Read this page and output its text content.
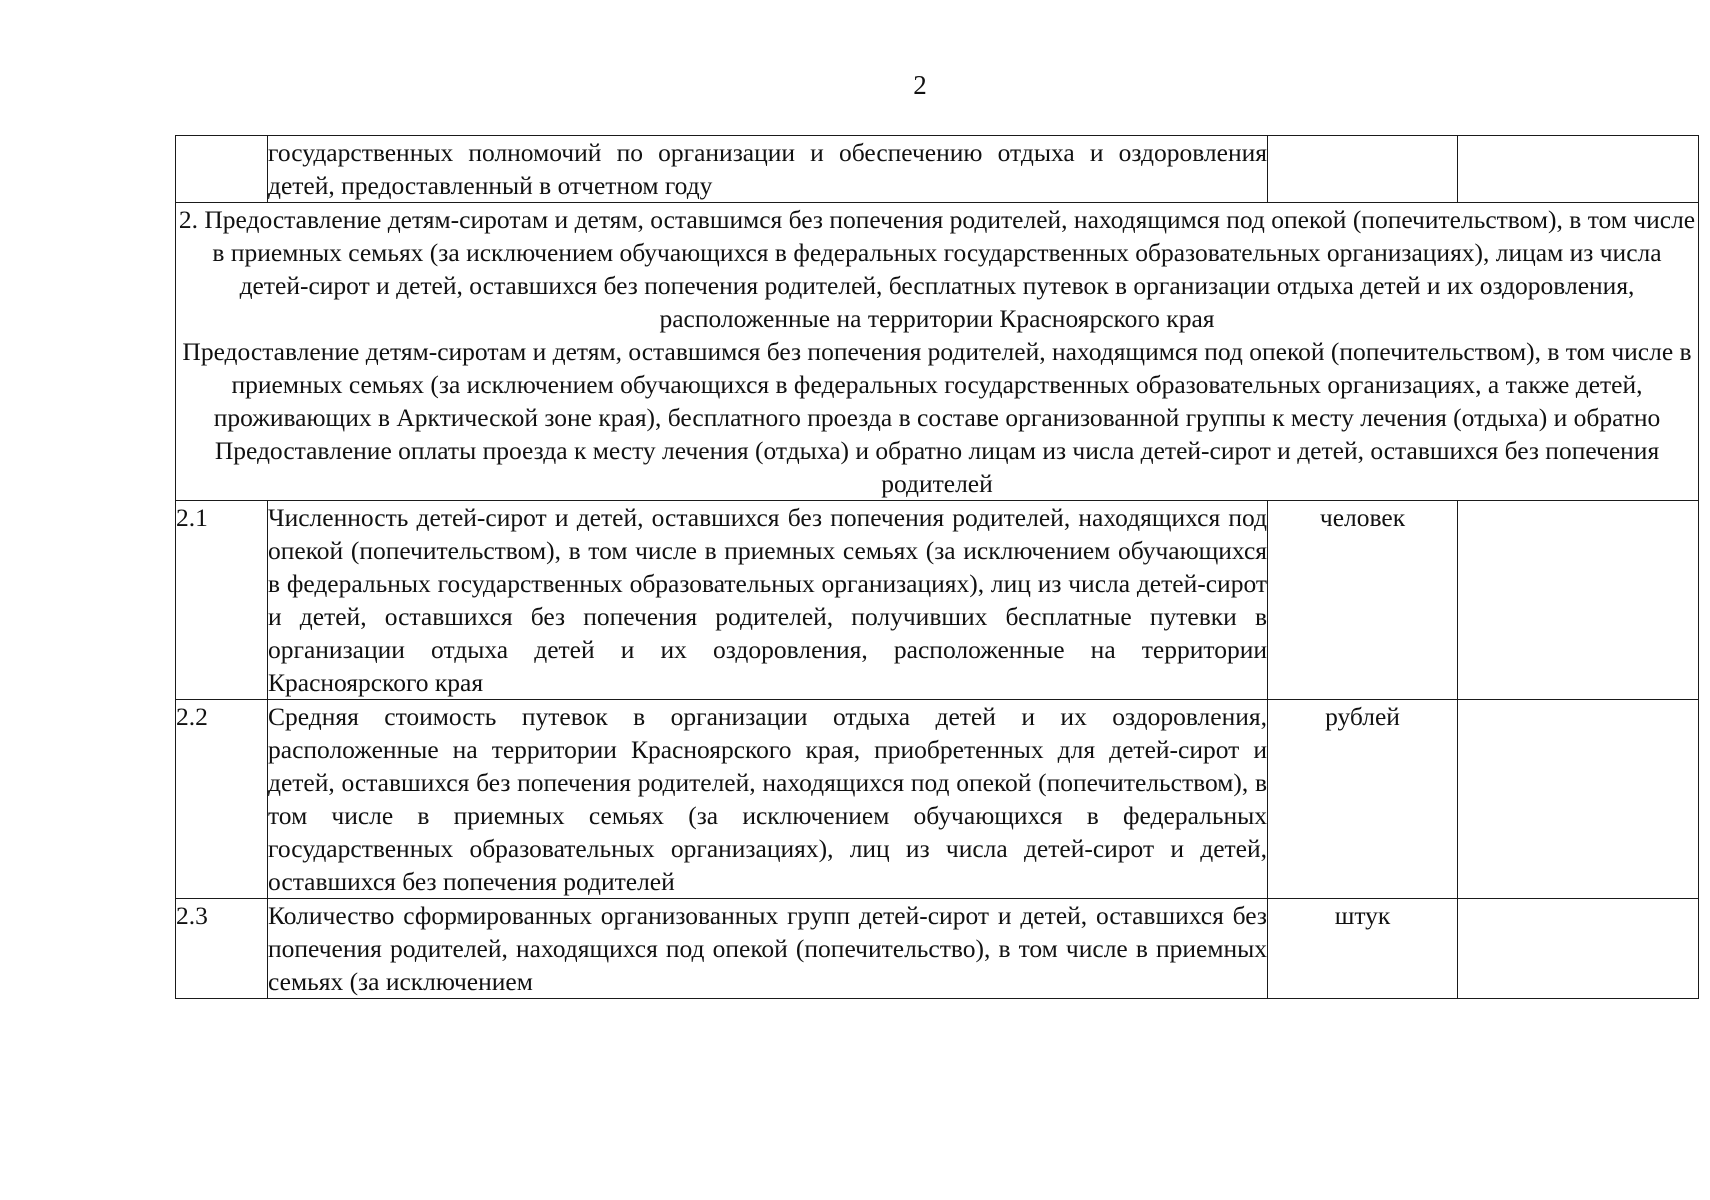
2
	государственных полномочий по организации и обеспечению отдыха и оздоровления детей, предоставленный в отчетном году		

2. Предоставление детям-сиротам и детям, оставшимся без попечения родителей, находящимся под опекой (попечительством), в том числе в приемных семьях (за исключением обучающихся в федеральных государственных образовательных организациях), лицам из числа детей-сирот и детей, оставшихся без попечения родителей, бесплатных путевок в организации отдыха детей и их оздоровления, расположенные на территории Красноярского края

Предоставление детям-сиротам и детям, оставшимся без попечения родителей, находящимся под опекой (попечительством), в том числе в приемных семьях (за исключением обучающихся в федеральных государственных образовательных организациях, а также детей, проживающих в Арктической зоне края), бесплатного проезда в составе организованной группы к месту лечения (отдыха) и обратно

Предоставление оплаты проезда к месту лечения (отдыха) и обратно лицам из числа детей-сирот и детей, оставшихся без попечения родителей			

2.1	Численность детей-сирот и детей, оставшихся без попечения родителей, находящихся под опекой (попечительством), в том числе в приемных семьях (за исключением обучающихся в федеральных государственных образовательных организациях), лиц из числа детей-сирот и детей, оставшихся без попечения родителей, получивших бесплатные путевки в организации отдыха детей и их оздоровления, расположенные на территории Красноярского края	человек	
2.2	Средняя стоимость путевок в организации отдыха детей и их оздоровления, расположенные на территории Красноярского края, приобретенных для детей-сирот и детей, оставшихся без попечения родителей, находящихся под опекой (попечительством), в том числе в приемных семьях (за исключением обучающихся в федеральных государственных образовательных организациях), лиц из числа детей-сирот и детей, оставшихся без попечения родителей	рублей	
2.3	Количество сформированных организованных групп детей-сирот и детей, оставшихся без попечения родителей, находящихся под опекой (попечительство), в том числе в приемных семьях (за исключением	штук	
